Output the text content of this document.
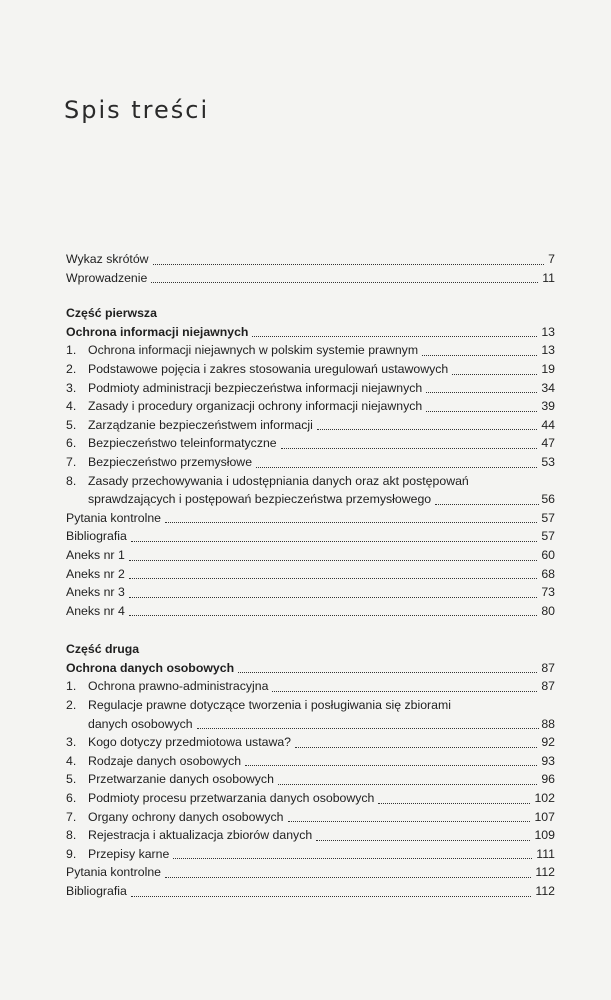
Spis treści
Wykaz skrótów	7
Wprowadzenie	11
Część pierwsza
Ochrona informacji niejawnych	13
1. Ochrona informacji niejawnych w polskim systemie prawnym	13
2. Podstawowe pojęcia i zakres stosowania uregulowań ustawowych	19
3. Podmioty administracji bezpieczeństwa informacji niejawnych	34
4. Zasady i procedury organizacji ochrony informacji niejawnych	39
5. Zarządzanie bezpieczeństwem informacji	44
6. Bezpieczeństwo teleinformatyczne	47
7. Bezpieczeństwo przemysłowe	53
8. Zasady przechowywania i udostępniania danych oraz akt postępowań
sprawdzających i postępowań bezpieczeństwa przemysłowego	56
Pytania kontrolne	57
Bibliografia	57
Aneks nr 1	60
Aneks nr 2	68
Aneks nr 3	73
Aneks nr 4	80
Część druga
Ochrona danych osobowych	87
1. Ochrona prawno-administracyjna	87
2. Regulacje prawne dotyczące tworzenia i posługiwania się zbiorami
danych osobowych	88
3. Kogo dotyczy przedmiotowa ustawa?	92
4. Rodzaje danych osobowych	93
5. Przetwarzanie danych osobowych	96
6. Podmioty procesu przetwarzania danych osobowych	102
7. Organy ochrony danych osobowych	107
8. Rejestracja i aktualizacja zbiorów danych	109
9. Przepisy karne	111
Pytania kontrolne	112
Bibliografia	112
